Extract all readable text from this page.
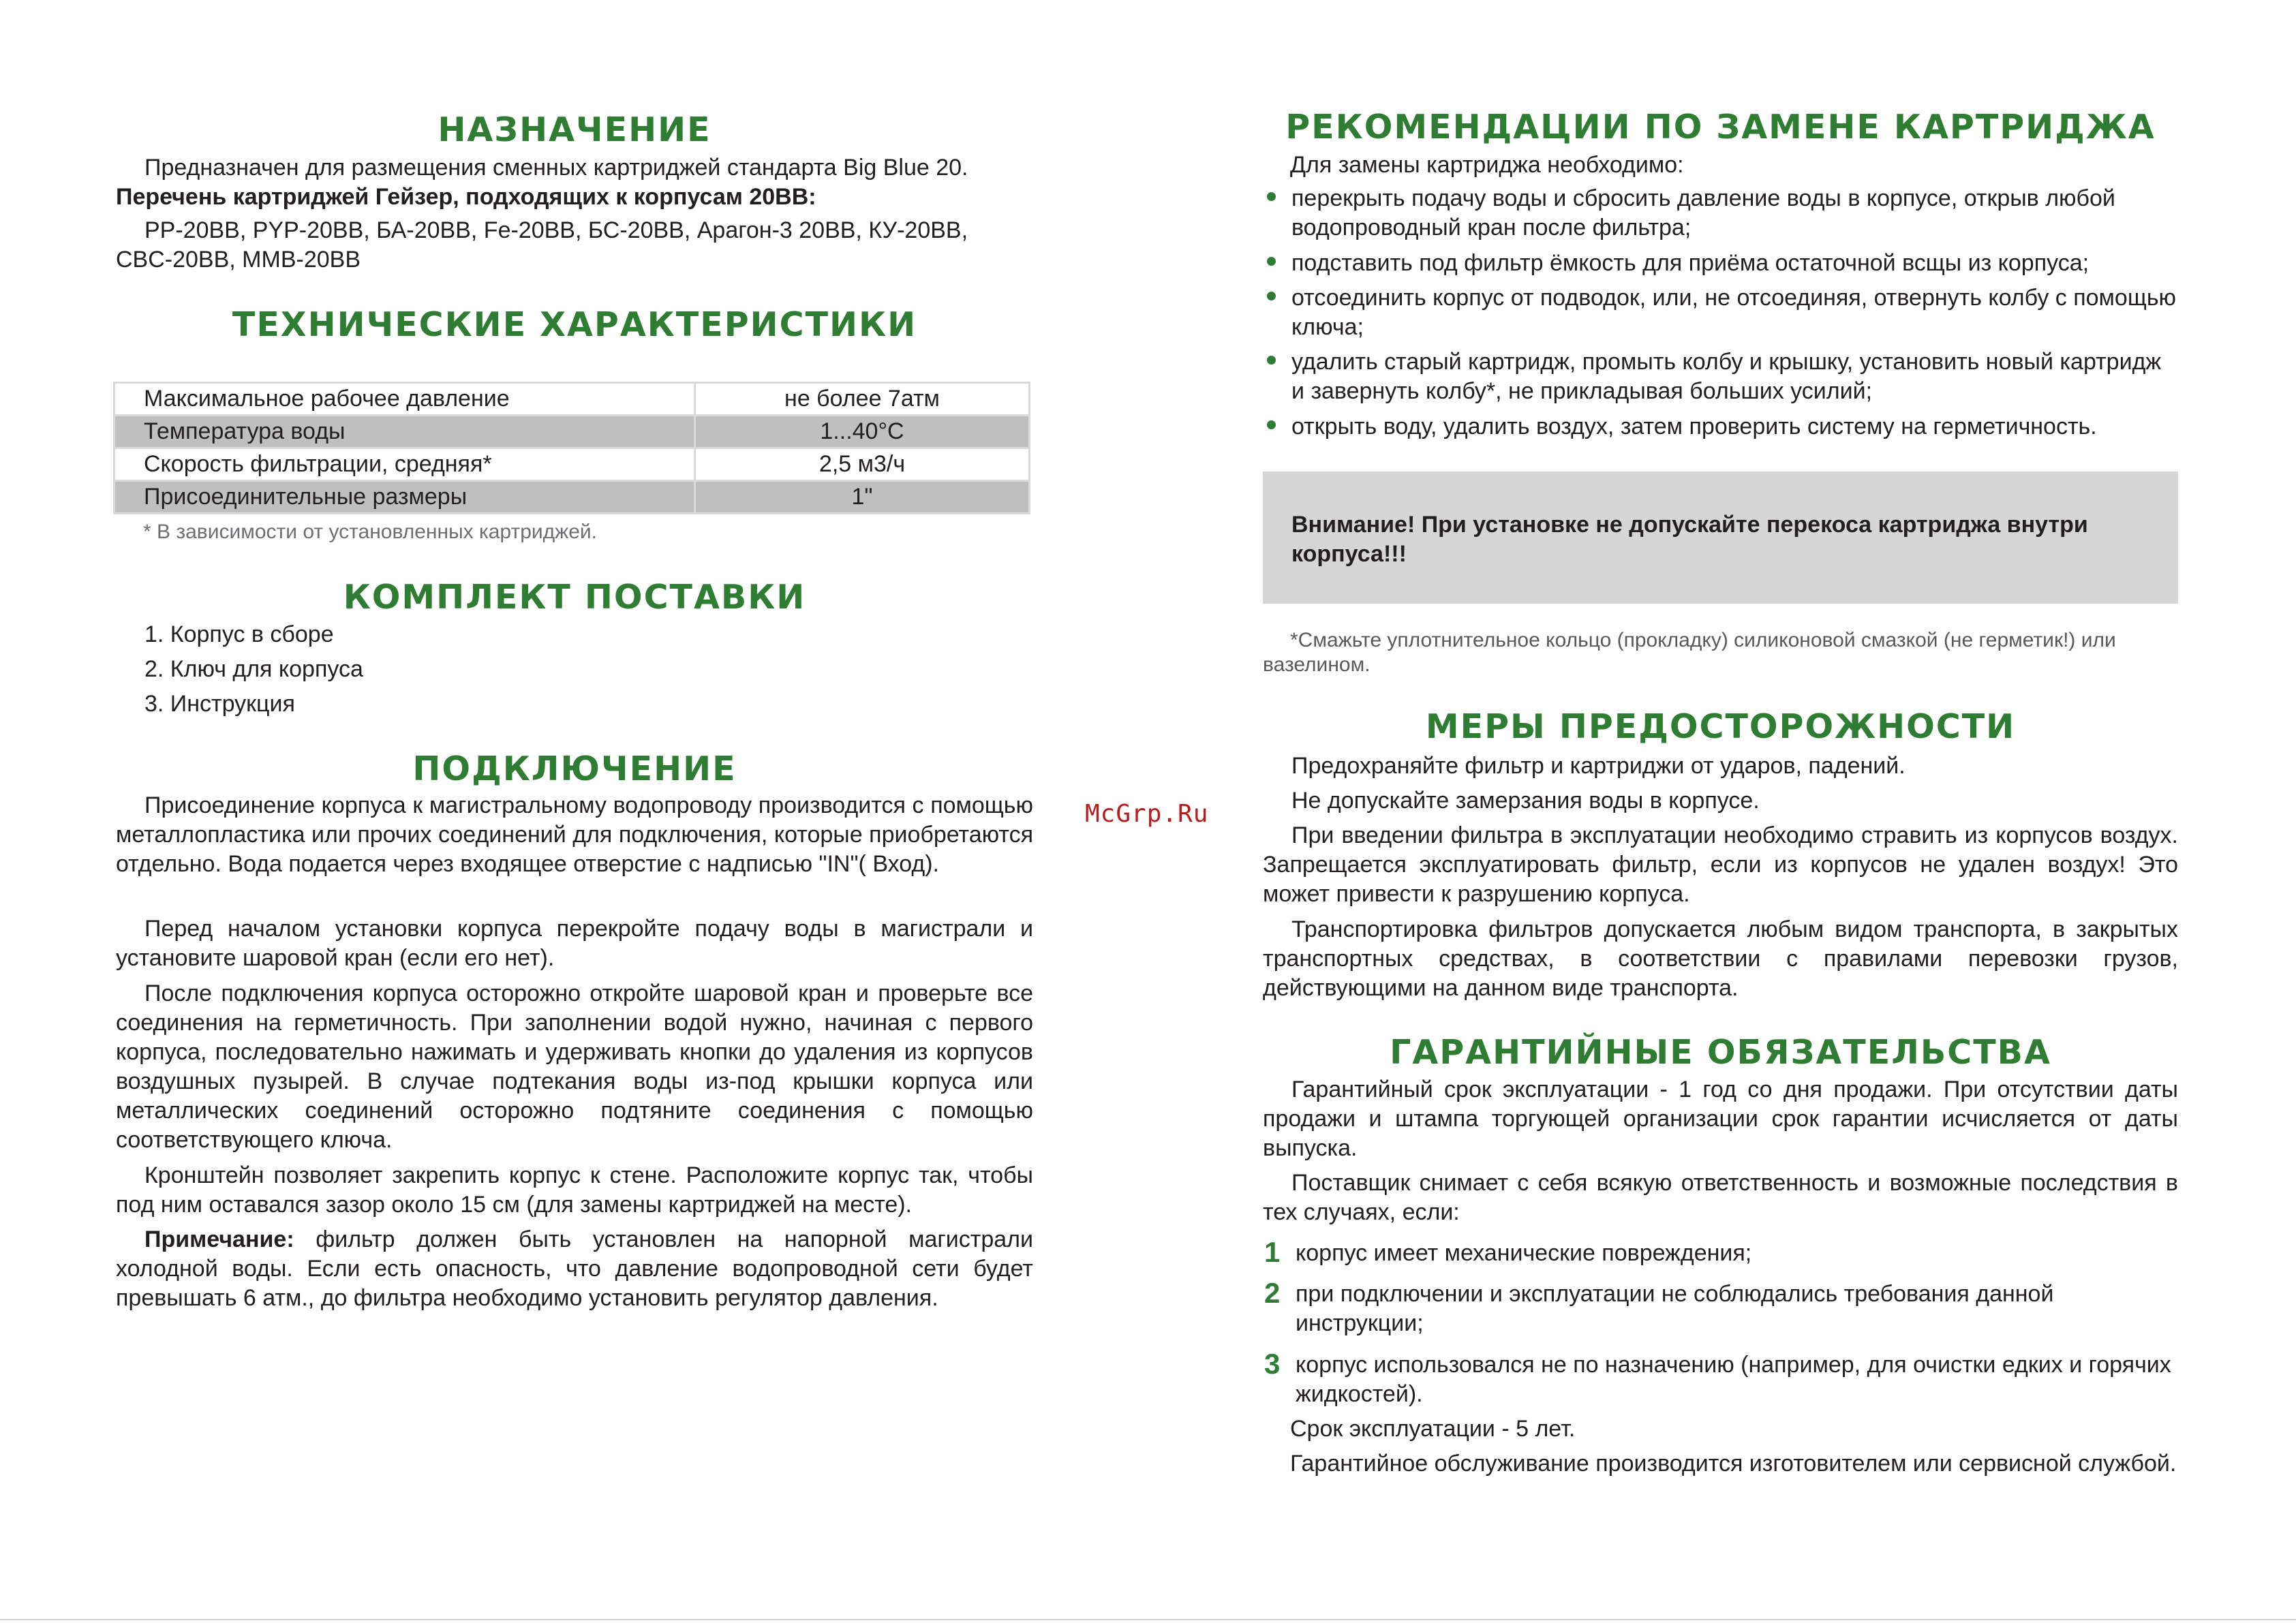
НАЗНАЧЕНИЕ

Предназначен для размещения сменных картриджей стандарта Big Blue 20.

Перечень картриджей Гейзер, подходящих к корпусам 20ВВ:

PP-20BB, PYP-20BB, БА-20ВВ, Fe-20BB, БС-20ВВ, Арагон-3 20ВВ, КУ-20ВВ,

CBC-20BB, MMB-20BB

ТЕХНИЧЕСКИЕ ХАРАКТЕРИСТИКИ
Максимальное рабочее давление	не более 7атм
Температура воды	1...40°С
Скорость фильтрации, средняя*	2,5 м3/ч
Присоединительные размеры	1"

* В зависимости от установленных картриджей.

КОМПЛЕКТ ПОСТАВКИ

1. Корпус в сборе

2. Ключ для корпуса

3. Инструкция

ПОДКЛЮЧЕНИЕ

Присоединение корпуса к магистральному водопроводу производится с помощью металлопластика или прочих соединений для подключения, которые приобретаются отдельно. Вода подается через входящее отверстие с надписью "IN"( Вход).

Перед началом установки корпуса перекройте подачу воды в магистрали и установите шаровой кран (если его нет).

После подключения корпуса осторожно откройте шаровой кран и проверьте все соединения на герметичность. При заполнении водой нужно, начиная с первого корпуса, последовательно нажимать и удерживать кнопки до удаления из корпусов воздушных пузырей. В случае подтекания воды из-под крышки корпуса или металлических соединений осторожно подтяните соединения с помощью соответствующего ключа.

Кронштейн позволяет закрепить корпус к стене. Расположите корпус так, чтобы под ним оставался зазор около 15 см (для замены картриджей на месте).

Примечание: фильтр должен быть установлен на напорной магистрали холодной воды. Если есть опасность, что давление водопроводной сети будет превышать 6 атм., до фильтра необходимо установить регулятор давления.

McGrp.Ru
РЕКОМЕНДАЦИИ ПО ЗАМЕНЕ КАРТРИДЖА

Для замены картриджа необходимо:

перекрыть подачу воды и сбросить давление воды в корпусе, открыв любой водопроводный кран после фильтра;
подставить под фильтр ёмкость для приёма остаточной всщы из корпуса;
отсоединить корпус от подводок, или, не отсоединяя, отвернуть колбу с помощью ключа;
удалить старый картридж, промыть колбу и крышку, установить новый картридж и завернуть колбу*, не прикладывая больших усилий;
открыть воду, удалить воздух, затем проверить систему на герметичность.

Внимание! При установке не допускайте перекоса картриджа внутри корпуса!!!

*Смажьте уплотнительное кольцо (прокладку) силиконовой смазкой (не герметик!) или вазелином.

МЕРЫ ПРЕДОСТОРОЖНОСТИ

Предохраняйте фильтр и картриджи от ударов, падений.

Не допускайте замерзания воды в корпусе.

При введении фильтра в эксплуатации необходимо стравить из корпусов воздух. Запрещается эксплуатировать фильтр, если из корпусов не удален воздух! Это может привести к разрушению корпуса.

Транспортировка фильтров допускается любым видом транспорта, в закрытых транспортных средствах, в соответствии с правилами перевозки грузов, действующими на данном виде транспорта.

ГАРАНТИЙНЫЕ ОБЯЗАТЕЛЬСТВА

Гарантийный срок эксплуатации - 1 год со дня продажи. При отсутствии даты продажи и штампа торгующей организации срок гарантии исчисляется от даты выпуска.

Поставщик снимает с себя всякую ответственность и возможные последствия в тех случаях, если:

1 корпус имеет механические повреждения;
2 при подключении и эксплуатации не соблюдались требования данной инструкции;
3 корпус использовался не по назначению (например, для очистки едких и горячих жидкостей).

Срок эксплуатации - 5 лет.

Гарантийное обслуживание производится изготовителем или сервисной службой.
